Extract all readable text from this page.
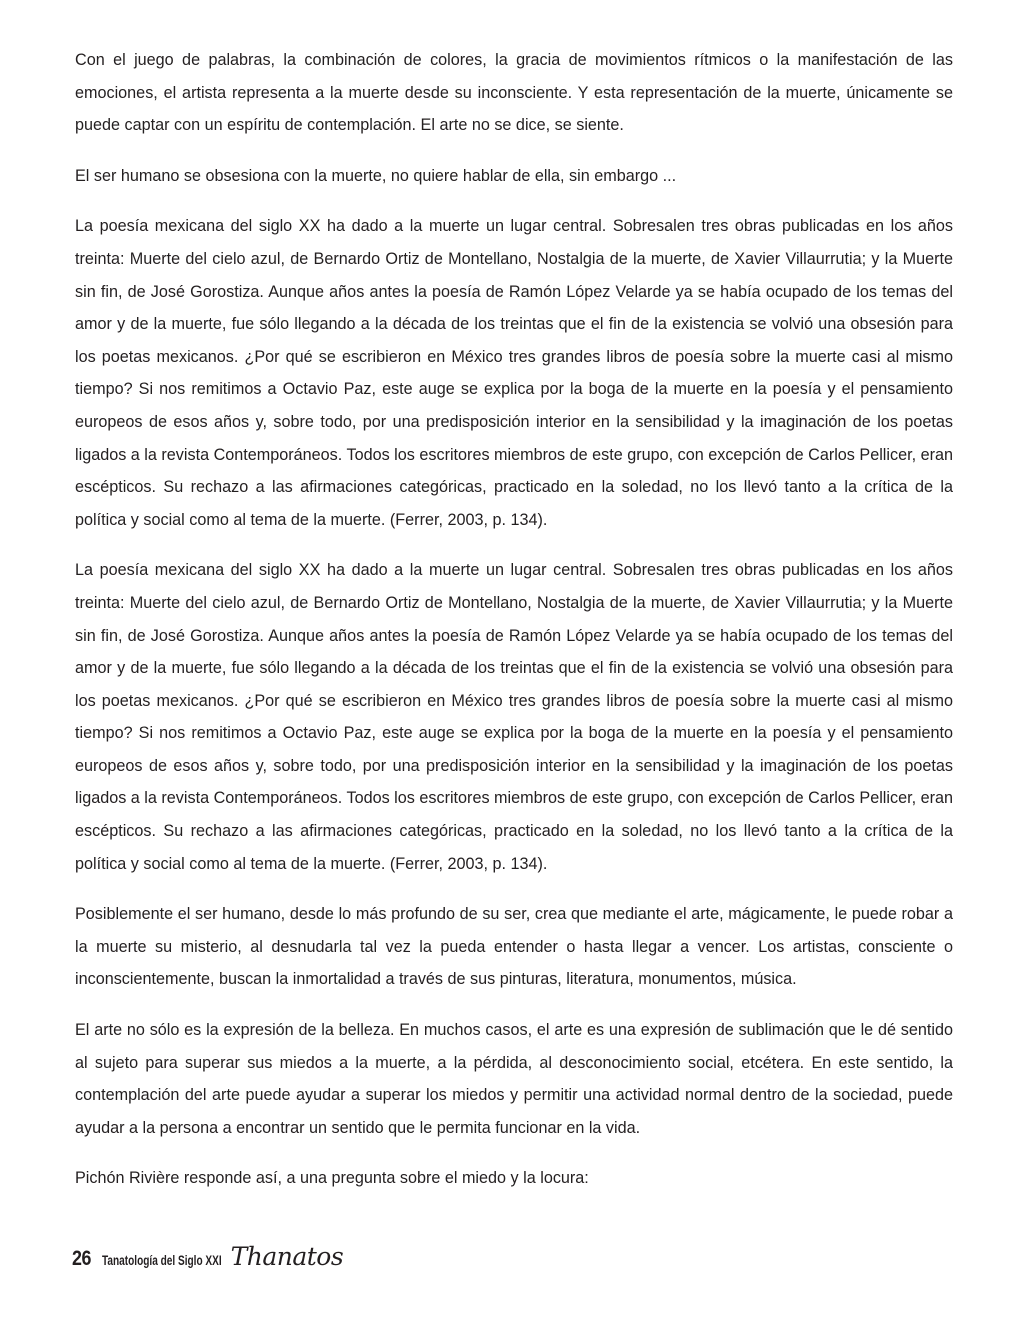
Con el juego de palabras, la combinación de colores, la gracia de movimientos rítmicos o la manifestación de las emociones, el artista representa a la muerte desde su inconsciente. Y esta representación de la muerte, únicamente se puede captar con un espíritu de contemplación. El arte no se dice, se siente.

El ser humano se obsesiona con la muerte, no quiere hablar de ella, sin embargo ...

La poesía mexicana del siglo XX ha dado a la muerte un lugar central. Sobresalen tres obras publicadas en los años treinta: Muerte del cielo azul, de Bernardo Ortiz de Montellano, Nostalgia de la muerte, de Xavier Villaurrutia; y la Muerte sin fin, de José Gorostiza. Aunque años antes la poesía de Ramón López Velarde ya se había ocupado de los temas del amor y de la muerte, fue sólo llegando a la década de los treintas que el fin de la existencia se volvió una obsesión para los poetas mexicanos. ¿Por qué se escribieron en México tres grandes libros de poesía sobre la muerte casi al mismo tiempo? Si nos remitimos a Octavio Paz, este auge se explica por la boga de la muerte en la poesía y el pensamiento europeos de esos años y, sobre todo, por una predisposición interior en la sensibilidad y la imaginación de los poetas ligados a la revista Contemporáneos. Todos los escritores miembros de este grupo, con excepción de Carlos Pellicer, eran escépticos. Su rechazo a las afirmaciones categóricas, practicado en la soledad, no los llevó tanto a la crítica de la política y social como al tema de la muerte. (Ferrer, 2003, p. 134).

La poesía mexicana del siglo XX ha dado a la muerte un lugar central. Sobresalen tres obras publicadas en los años treinta: Muerte del cielo azul, de Bernardo Ortiz de Montellano, Nostalgia de la muerte, de Xavier Villaurrutia; y la Muerte sin fin, de José Gorostiza. Aunque años antes la poesía de Ramón López Velarde ya se había ocupado de los temas del amor y de la muerte, fue sólo llegando a la década de los treintas que el fin de la existencia se volvió una obsesión para los poetas mexicanos. ¿Por qué se escribieron en México tres grandes libros de poesía sobre la muerte casi al mismo tiempo? Si nos remitimos a Octavio Paz, este auge se explica por la boga de la muerte en la poesía y el pensamiento europeos de esos años y, sobre todo, por una predisposición interior en la sensibilidad y la imaginación de los poetas ligados a la revista Contemporáneos. Todos los escritores miembros de este grupo, con excepción de Carlos Pellicer, eran escépticos. Su rechazo a las afirmaciones categóricas, practicado en la soledad, no los llevó tanto a la crítica de la política y social como al tema de la muerte. (Ferrer, 2003, p. 134).

Posiblemente el ser humano, desde lo más profundo de su ser, crea que mediante el arte, mágicamente, le puede robar a la muerte su misterio, al desnudarla tal vez la pueda entender o hasta llegar a vencer. Los artistas, consciente o inconscientemente, buscan la inmortalidad a través de sus pinturas, literatura, monumentos, música.

El arte no sólo es la expresión de la belleza. En muchos casos, el arte es una expresión de sublimación que le dé sentido al sujeto para superar sus miedos a la muerte, a la pérdida, al desconocimiento social, etcétera. En este sentido, la contemplación del arte puede ayudar a superar los miedos y permitir una actividad normal dentro de la sociedad, puede ayudar a la persona a encontrar un sentido que le permita funcionar en la vida.

Pichón Rivière responde así, a una pregunta sobre el miedo y la locura:

26 Tanatología del Siglo XXI Thanatos
